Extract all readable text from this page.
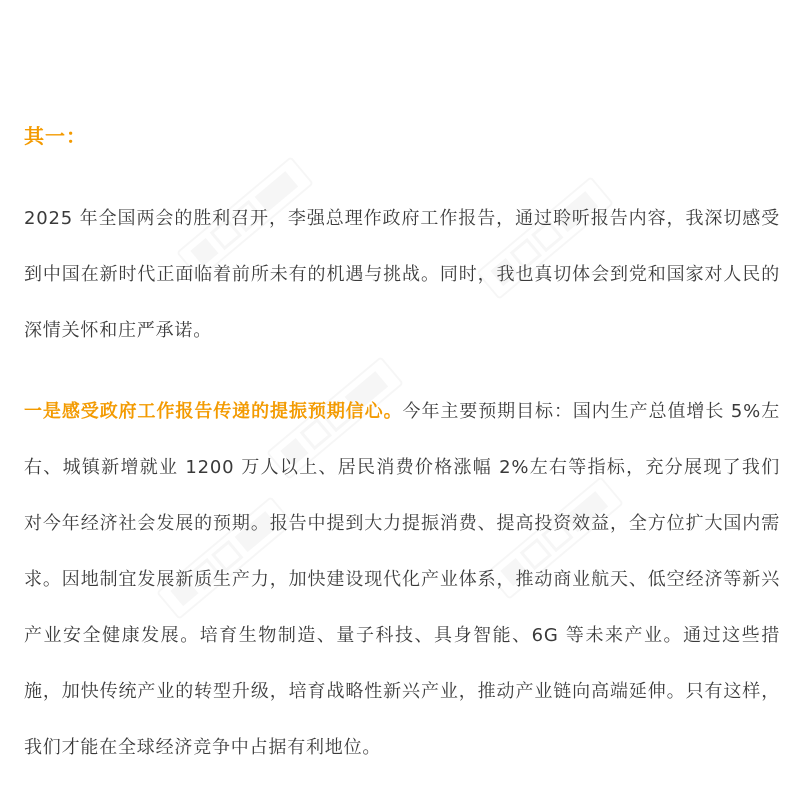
其一：

2025 年全国两会的胜利召开，李强总理作政府工作报告，通过聆听报告内容，我深切感受到中国在新时代正面临着前所未有的机遇与挑战。同时，我也真切体会到党和国家对人民的深情关怀和庄严承诺。

一是感受政府工作报告传递的提振预期信心。今年主要预期目标：国内生产总值增长 5%左右、城镇新增就业 1200 万人以上、居民消费价格涨幅 2%左右等指标，充分展现了我们对今年经济社会发展的预期。报告中提到大力提振消费、提高投资效益，全方位扩大国内需求。因地制宜发展新质生产力，加快建设现代化产业体系，推动商业航天、低空经济等新兴产业安全健康发展。培育生物制造、量子科技、具身智能、6G 等未来产业。通过这些措施，加快传统产业的转型升级，培育战略性新兴产业，推动产业链向高端延伸。只有这样，我们才能在全球经济竞争中占据有利地位。
